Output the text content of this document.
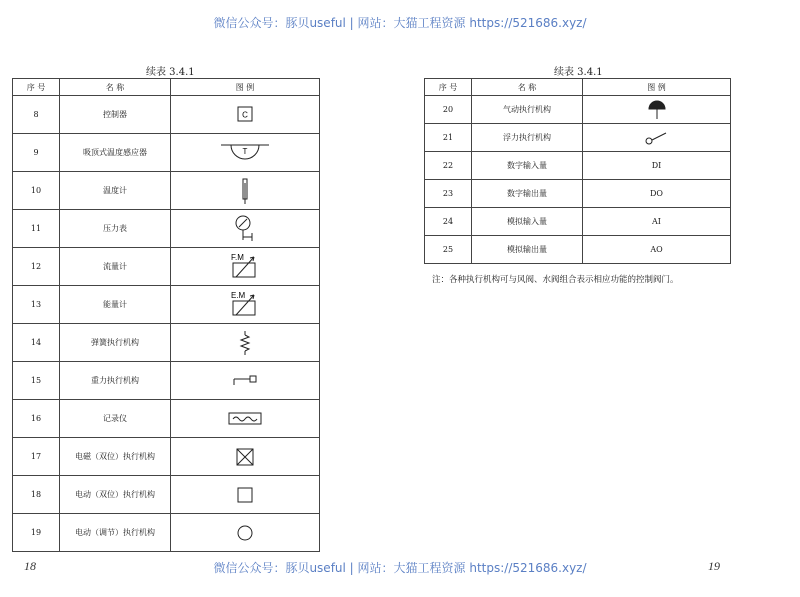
微信公众号：豚贝useful | 网站：大猫工程资源 https://521686.xyz/
续表 3.4.1	续表 3.4.1
序 号	名 称	图 例
8	控制器	C

9	吸顶式温度感应器	T

10	温度计	

11	压力表	

12	流量计	F.M

13	能量计	E.M

14	弹簧执行机构	

15	重力执行机构	

16	记录仪	

17	电磁（双位）执行机构	

18	电动（双位）执行机构	

19	电动（调节）执行机构	
序 号	名 称	图 例
20	气动执行机构	

21	浮力执行机构	

22	数字输入量	DI
23	数字输出量	DO
24	模拟输入量	AI
25	模拟输出量	AO
注：各种执行机构可与风阀、水阀组合表示相应功能的控制阀门。
18	微信公众号：豚贝useful | 网站：大猫工程资源 https://521686.xyz/	19
